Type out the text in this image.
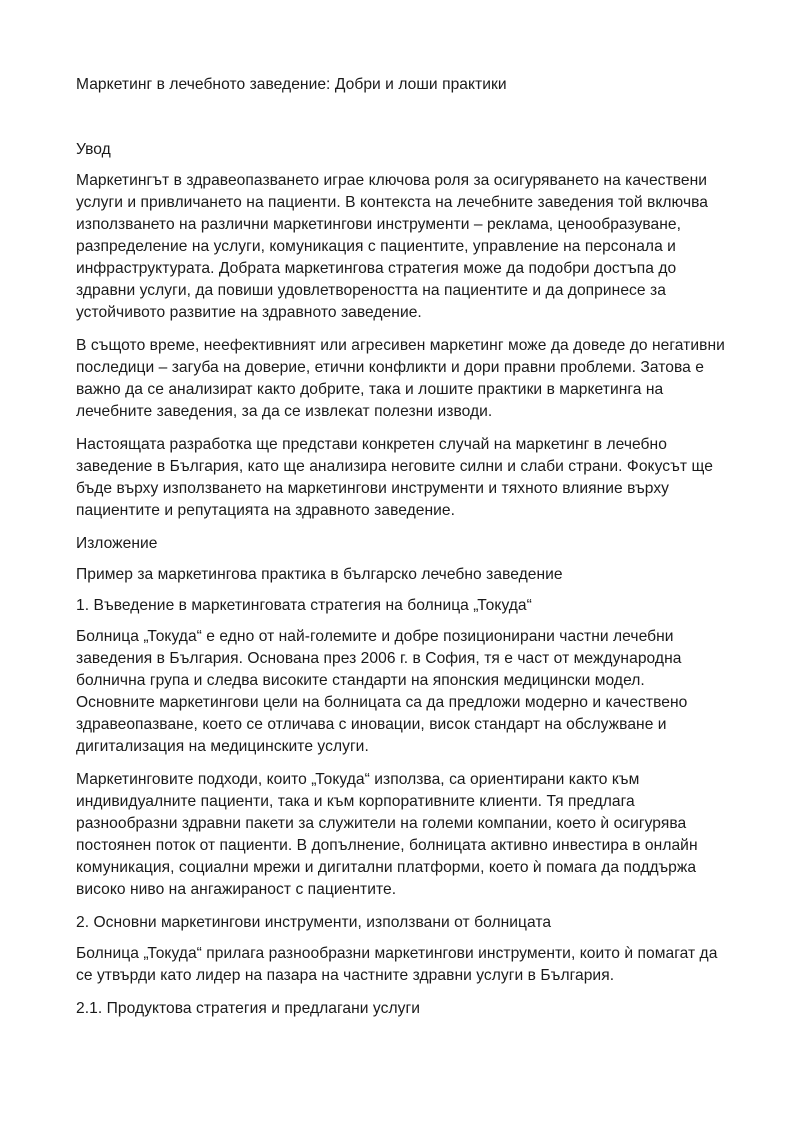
Маркетинг в лечебното заведение: Добри и лоши практики

Увод

Маркетингът в здравеопазването играе ключова роля за осигуряването на качествени услуги и привличането на пациенти. В контекста на лечебните заведения той включва използването на различни маркетингови инструменти – реклама, ценообразуване, разпределение на услуги, комуникация с пациентите, управление на персонала и инфраструктурата. Добрата маркетингова стратегия може да подобри достъпа до здравни услуги, да повиши удовлетвореността на пациентите и да допринесе за устойчивото развитие на здравното заведение.

В същото време, неефективният или агресивен маркетинг може да доведе до негативни последици – загуба на доверие, етични конфликти и дори правни проблеми. Затова е важно да се анализират както добрите, така и лошите практики в маркетинга на лечебните заведения, за да се извлекат полезни изводи.

Настоящата разработка ще представи конкретен случай на маркетинг в лечебно заведение в България, като ще анализира неговите силни и слаби страни. Фокусът ще бъде върху използването на маркетингови инструменти и тяхното влияние върху пациентите и репутацията на здравното заведение.

Изложение

Пример за маркетингова практика в българско лечебно заведение

1. Въведение в маркетинговата стратегия на болница „Токуда“

Болница „Токуда“ е едно от най-големите и добре позиционирани частни лечебни заведения в България. Основана през 2006 г. в София, тя е част от международна болнична група и следва високите стандарти на японския медицински модел. Основните маркетингови цели на болницата са да предложи модерно и качествено здравеопазване, което се отличава с иновации, висок стандарт на обслужване и дигитализация на медицинските услуги.

Маркетинговите подходи, които „Токуда“ използва, са ориентирани както към индивидуалните пациенти, така и към корпоративните клиенти. Тя предлага разнообразни здравни пакети за служители на големи компании, което ѝ осигурява постоянен поток от пациенти. В допълнение, болницата активно инвестира в онлайн комуникация, социални мрежи и дигитални платформи, което ѝ помага да поддържа високо ниво на ангажираност с пациентите.

2. Основни маркетингови инструменти, използвани от болницата

Болница „Токуда“ прилага разнообразни маркетингови инструменти, които ѝ помагат да се утвърди като лидер на пазара на частните здравни услуги в България.

2.1. Продуктова стратегия и предлагани услуги
